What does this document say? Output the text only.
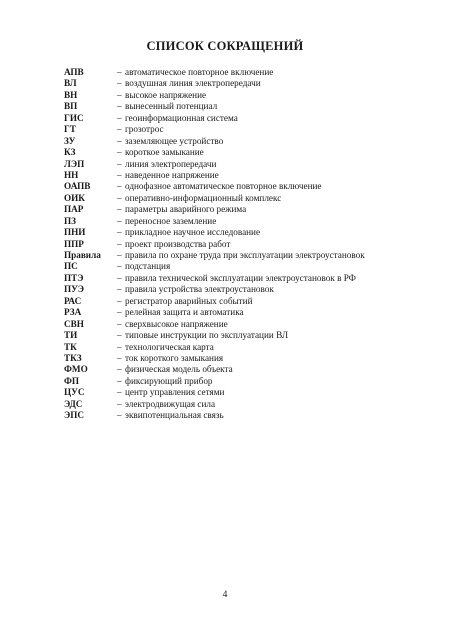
СПИСОК СОКРАЩЕНИЙ
АПВ	– автоматическое повторное включение
ВЛ	– воздушная линия электропередачи
ВН	– высокое напряжение
ВП	– вынесенный потенциал
ГИС	– геоинформационная система
ГТ	– грозотрос
ЗУ	– заземляющее устройство
КЗ	– короткое замыкание
ЛЭП	– линия электропередачи
НН	– наведенное напряжение
ОАПВ	– однофазное автоматическое повторное включение
ОИК	– оперативно-информационный комплекс
ПАР	– параметры аварийного режима
ПЗ	– переносное заземление
ПНИ	– прикладное научное исследование
ППР	– проект производства работ
Правила	– правила по охране труда при эксплуатации электроустановок
ПС	– подстанция
ПТЭ	– правила технической эксплуатации электроустановок в РФ
ПУЭ	– правила устройства электроустановок
РАС	– регистратор аварийных событий
РЗА	– релейная защита и автоматика
СВН	– сверхвысокое напряжение
ТИ	– типовые инструкции по эксплуатации ВЛ
ТК	– технологическая карта
ТКЗ	– ток короткого замыкания
ФМО	– физическая модель объекта
ФП	– фиксирующий прибор
ЦУС	– центр управления сетями
ЭДС	– электродвижущая сила
ЭПС	– эквипотенциальная связь
4
